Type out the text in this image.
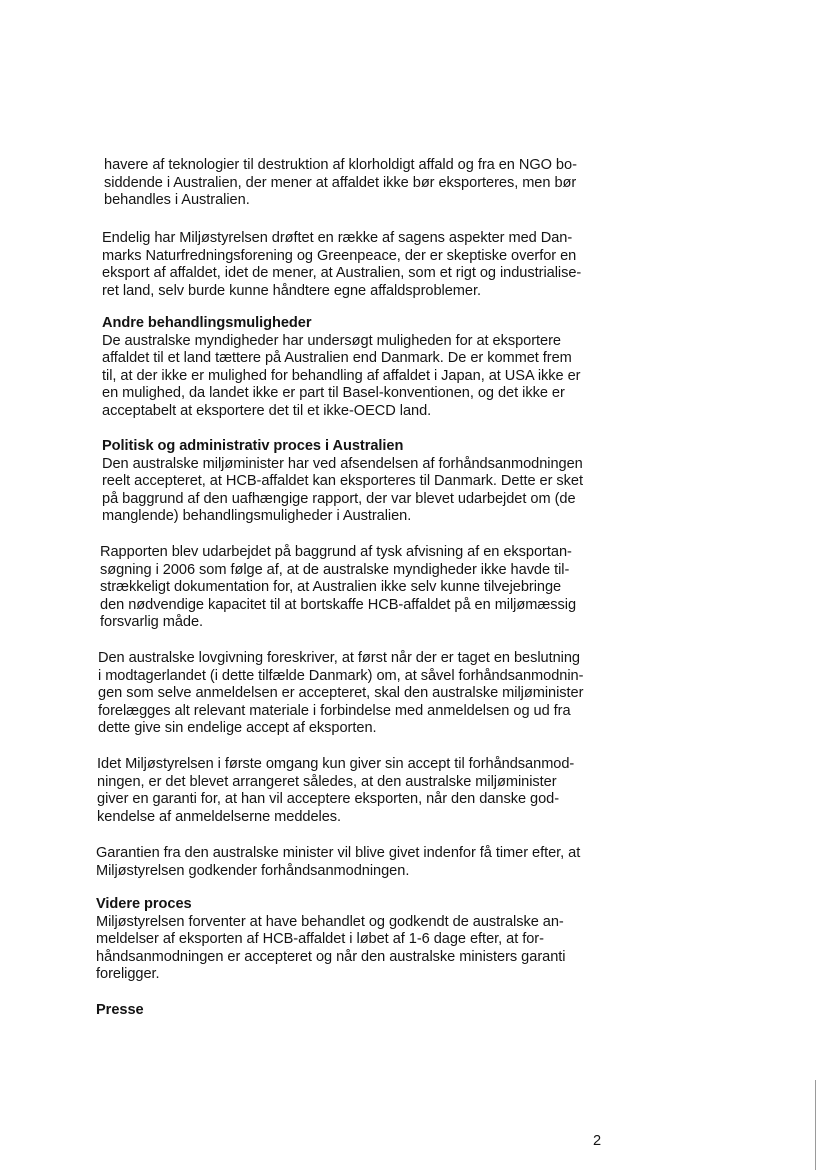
havere af teknologier til destruktion af klorholdigt affald og fra en NGO bo-
siddende i Australien, der mener at affaldet ikke bør eksporteres, men bør
behandles i Australien.
Endelig har Miljøstyrelsen drøftet en række af sagens aspekter med Dan-
marks Naturfredningsforening og Greenpeace, der er skeptiske overfor en
eksport af affaldet, idet de mener, at Australien, som et rigt og industrialise-
ret land, selv burde kunne håndtere egne affaldsproblemer.
Andre behandlingsmuligheder
De australske myndigheder har undersøgt muligheden for at eksportere
affaldet til et land tættere på Australien end Danmark. De er kommet frem
til, at der ikke er mulighed for behandling af affaldet i Japan, at USA ikke er
en mulighed, da landet ikke er part til Basel-konventionen, og det ikke er
acceptabelt at eksportere det til et ikke-OECD land.
Politisk og administrativ proces i Australien
Den australske miljøminister har ved afsendelsen af forhåndsanmodningen
reelt accepteret, at HCB-affaldet kan eksporteres til Danmark. Dette er sket
på baggrund af den uafhængige rapport, der var blevet udarbejdet om (de
manglende) behandlingsmuligheder i Australien.
Rapporten blev udarbejdet på baggrund af tysk afvisning af en eksportan-
søgning i 2006 som følge af, at de australske myndigheder ikke havde til-
strækkeligt dokumentation for, at Australien ikke selv kunne tilvejebringe
den nødvendige kapacitet til at bortskaffe HCB-affaldet på en miljømæssig
forsvarlig måde.
Den australske lovgivning foreskriver, at først når der er taget en beslutning
i modtagerlandet (i dette tilfælde Danmark) om, at såvel forhåndsanmodnin-
gen som selve anmeldelsen er accepteret, skal den australske miljøminister
forelægges alt relevant materiale i forbindelse med anmeldelsen og ud fra
dette give sin endelige accept af eksporten.
Idet Miljøstyrelsen i første omgang kun giver sin accept til forhåndsanmod-
ningen, er det blevet arrangeret således, at den australske miljøminister
giver en garanti for, at han vil acceptere eksporten, når den danske god-
kendelse af anmeldelserne meddeles.
Garantien fra den australske minister vil blive givet indenfor få timer efter, at
Miljøstyrelsen godkender forhåndsanmodningen.
Videre proces
Miljøstyrelsen forventer at have behandlet og godkendt de australske an-
meldelser af eksporten af HCB-affaldet i løbet af 1-6 dage efter, at for-
håndsanmodningen er accepteret og når den australske ministers garanti
foreligger.
Presse
2
